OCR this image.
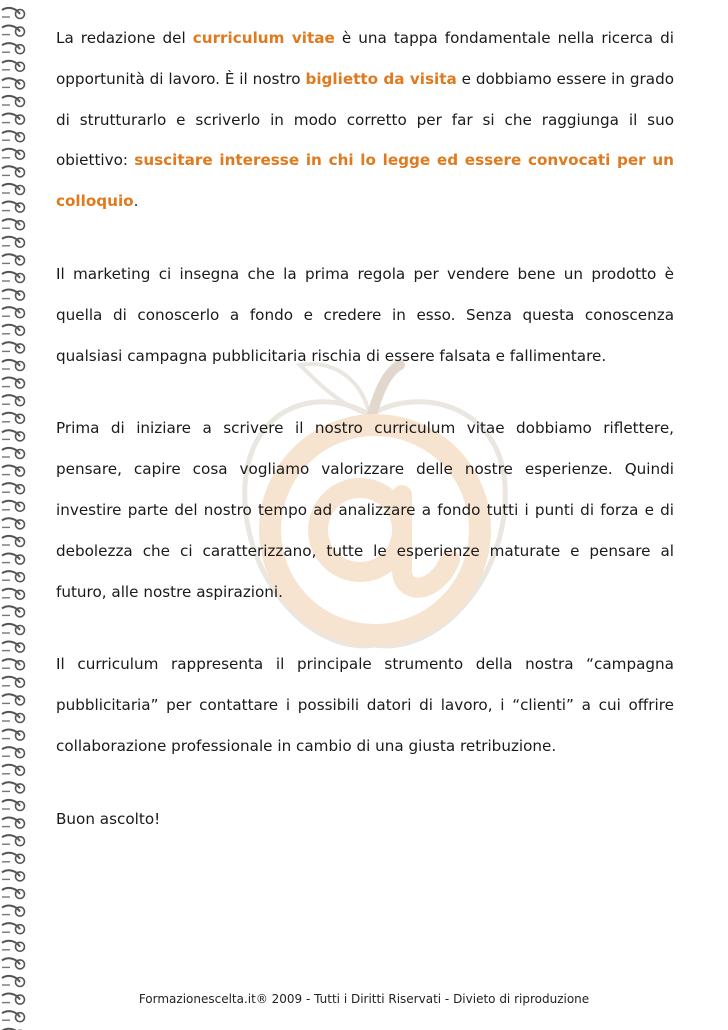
La redazione del curriculum vitae è una tappa fondamentale nella ricerca di opportunità di lavoro. È il nostro biglietto da visita e dobbiamo essere in grado di strutturarlo e scriverlo in modo corretto per far si che raggiunga il suo obiettivo: suscitare interesse in chi lo legge ed essere convocati per un colloquio.

Il marketing ci insegna che la prima regola per vendere bene un prodotto è quella di conoscerlo a fondo e credere in esso. Senza questa conoscenza qualsiasi campagna pubblicitaria rischia di essere falsata e fallimentare.

Prima di iniziare a scrivere il nostro curriculum vitae dobbiamo riflettere, pensare, capire cosa vogliamo valorizzare delle nostre esperienze. Quindi investire parte del nostro tempo ad analizzare a fondo tutti i punti di forza e di debolezza che ci caratterizzano, tutte le esperienze maturate e pensare al futuro, alle nostre aspirazioni.

Il curriculum rappresenta il principale strumento della nostra “campagna pubblicitaria” per contattare i possibili datori di lavoro, i “clienti” a cui offrire collaborazione professionale in cambio di una giusta retribuzione.

Buon ascolto!

Formazionescelta.it® 2009 - Tutti i Diritti Riservati - Divieto di riproduzione
